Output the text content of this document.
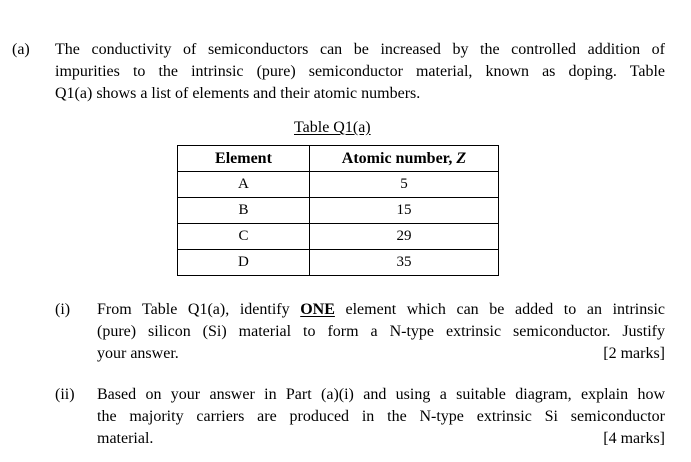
(a) The conductivity of semiconductors can be increased by the controlled addition of
impurities to the intrinsic (pure) semiconductor material, known as doping. Table
Q1(a) shows a list of elements and their atomic numbers.
Table Q1(a)
Element	Atomic number, Z
A	5
B	15
C	29
D	35
(i) From Table Q1(a), identify ONE element which can be added to an intrinsic
(pure) silicon (Si) material to form a N-type extrinsic semiconductor. Justify
your answer.	[2 marks]
(ii) Based on your answer in Part (a)(i) and using a suitable diagram, explain how
the majority carriers are produced in the N-type extrinsic Si semiconductor
material.	[4 marks]
